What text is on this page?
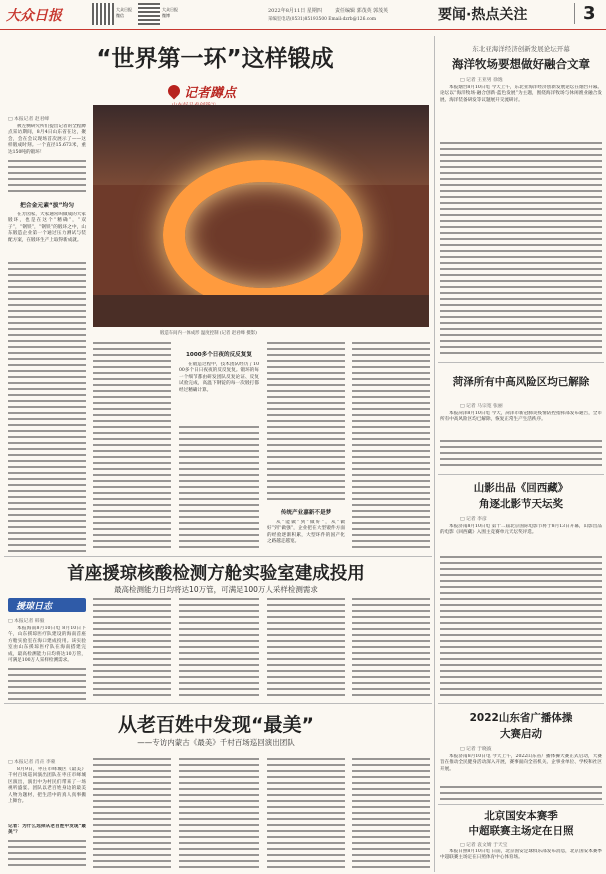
大众日报	大众日报
微信
大众日报
微博
2022年8月11日 星期四	责任编辑 郭茂英 郭茂英
采编室电话(0531)85193500 Email:dzrb@126.com	要闻·热点关注	3
“世界第一环”这样锻成
记者蹲点
□ 本报记者 赵君峰

被左侧研究所们提出记者的全程蹲点采访期间，8月4日山东省在这，聚会，会在会议现场首次展示了——这样锻成时刻。一个直径15.673米，重达150吨的锻环！

把合金元素“拔”均匀

在芳园家，大家通常叫做成的大家锻环，也是在这个“精确”，“双子”，“钢铁”，“钢铁”的锻环之中，山东锻造企业第一个通过压力测试与装配方案，在锻环生产上取得新成就。

锻造车间内一体成形 温度控制 (记者 赵君峰 摄影)
1000多个日夜的反反复复

在锻造过程中，技术团队经历了1000多个日日夜夜的反反复复。锻环的每一个细节都由研发团队反复论证、反复试验完成，高温下钢锭的每一次锻打都经过精确计算。

传统产业嘉新不是梦

从“能做”到“做好”，从“做好”到“做强”，企业把在大型锻件方面的经验逐渐积累，大型环件的国产化之路越走越宽。

首座援琼核酸检测方舱实验室建成投用
最高检测能力日均将达10万管，可满足100万人采样检测需求
援琼日志
□ 本报记者 韩毅

本报海南8月10日电 8月10日下午，山东援琼医疗队建设的海南首座方舱实验室在海口建成投用。该实验室由山东援琼医疗队在海南搭建完成，最高检测能力日均将达10万管，可满足100万人采样检测需求。

从老百姓中发现“最美”
——专访内蒙古《最美》千村百场巡回演出团队
□ 本报记者 肖垚 李蒙

8月9日，枣庄市峄城区《最美》千村百场巡回演出团队在枣庄市峄城区演出，演出中为村民们带来了一场视听盛宴。团队以老百姓身边的最美人物为题材，把生活中的真人真事搬上舞台。

记者：为什么选择从老百姓中发现“最美”？
东北亚海洋经济创新发展论坛开幕
海洋牧场要想做好融合文章
□ 记者 王亚男 徐逸

本报烟台8月10日电 今天上午，东北亚海洋经济创新发展论坛在烟台开幕。论坛以“海洋牧场·融合创新·蓝色发展”为主题，围绕海洋牧场与休闲渔业融合发展、海洋装备研发等议题展开交流研讨。

菏泽所有中高风险区均已解除
□ 记者 马宗宽 张丽

本报菏泽8月10日电 今天，菏泽市新冠肺炎疫情防控指挥部发布通告，全市所有中高风险区均已解除，恢复正常生产生活秩序。

山影出品《回西藏》
角逐北影节天坛奖
□ 记者 李彦

本报济南8月10日电 第十二届北京国际电影节将于8月13日开幕，山影出品的电影《回西藏》入围主竞赛单元天坛奖评选。

2022山东省广播体操
大赛启动
□ 记者 于晓波

本报济南8月10日电 今天上午，2022山东省广播体操大赛正式启动，大赛旨在推动全民健身活动深入开展，赛事面向全省机关、企事业单位、学校和社区开展。

北京国安本赛季
中超联赛主场定在日照
□ 记者 袁文婧 于天宝

本报日照8月10日电 日前，北京国安足球俱乐部发布消息，北京国安本赛季中超联赛主场定在日照体育中心体育场。
